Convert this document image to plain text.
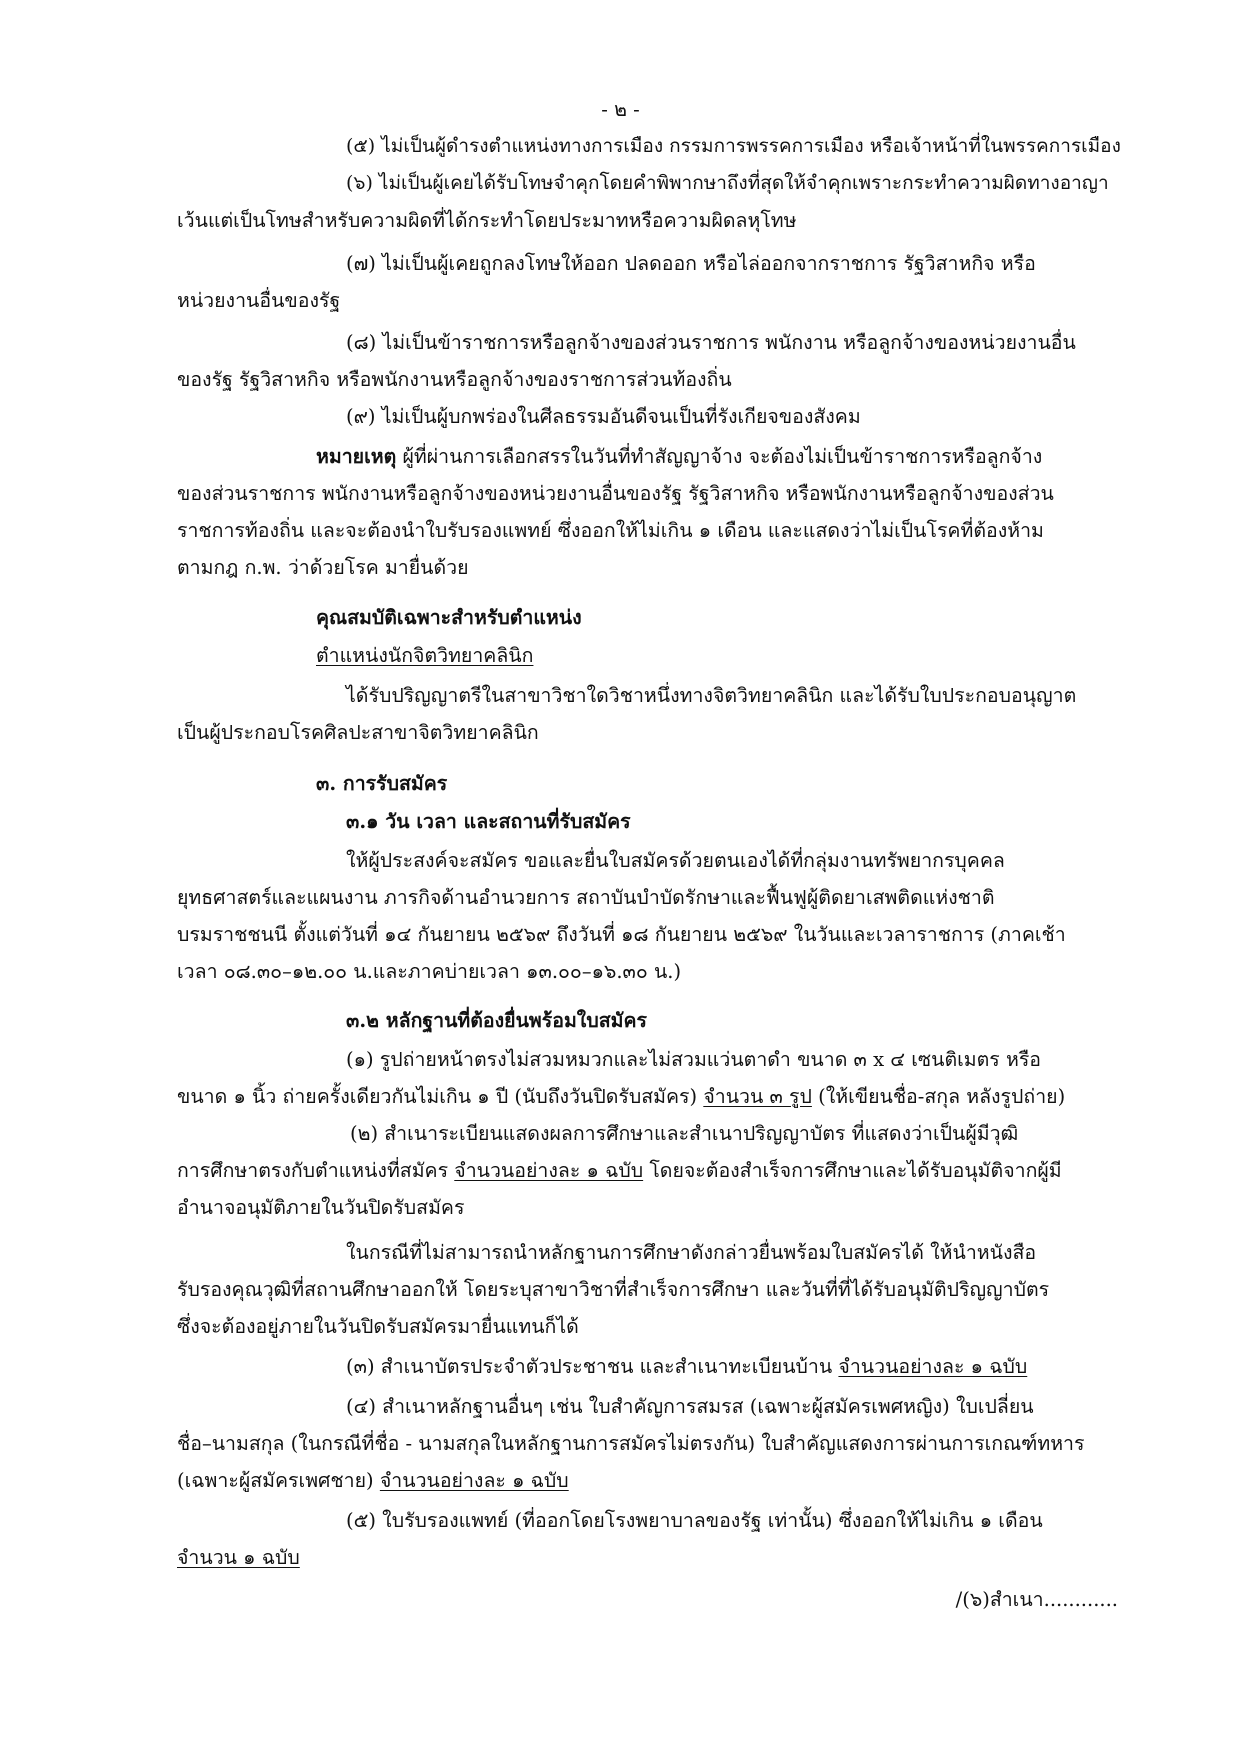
- ๒ -
(๕) ไม่เป็นผู้ดำรงตำแหน่งทางการเมือง กรรมการพรรคการเมือง หรือเจ้าหน้าที่ในพรรคการเมือง
(๖) ไม่เป็นผู้เคยได้รับโทษจำคุกโดยคำพิพากษาถึงที่สุดให้จำคุกเพราะกระทำความผิดทางอาญา
เว้นแต่เป็นโทษสำหรับความผิดที่ได้กระทำโดยประมาทหรือความผิดลหุโทษ
(๗) ไม่เป็นผู้เคยถูกลงโทษให้ออก ปลดออก หรือไล่ออกจากราชการ รัฐวิสาหกิจ หรือ
หน่วยงานอื่นของรัฐ
(๘) ไม่เป็นข้าราชการหรือลูกจ้างของส่วนราชการ พนักงาน หรือลูกจ้างของหน่วยงานอื่น
ของรัฐ รัฐวิสาหกิจ หรือพนักงานหรือลูกจ้างของราชการส่วนท้องถิ่น
(๙) ไม่เป็นผู้บกพร่องในศีลธรรมอันดีจนเป็นที่รังเกียจของสังคม
หมายเหตุ ผู้ที่ผ่านการเลือกสรรในวันที่ทำสัญญาจ้าง จะต้องไม่เป็นข้าราชการหรือลูกจ้าง
ของส่วนราชการ พนักงานหรือลูกจ้างของหน่วยงานอื่นของรัฐ รัฐวิสาหกิจ หรือพนักงานหรือลูกจ้างของส่วน
ราชการท้องถิ่น และจะต้องนำใบรับรองแพทย์ ซึ่งออกให้ไม่เกิน ๑ เดือน และแสดงว่าไม่เป็นโรคที่ต้องห้าม
ตามกฎ ก.พ. ว่าด้วยโรค มายื่นด้วย
คุณสมบัติเฉพาะสำหรับตำแหน่ง
ตำแหน่งนักจิตวิทยาคลินิก
ได้รับปริญญาตรีในสาขาวิชาใดวิชาหนึ่งทางจิตวิทยาคลินิก และได้รับใบประกอบอนุญาต
เป็นผู้ประกอบโรคศิลปะสาขาจิตวิทยาคลินิก
๓. การรับสมัคร
๓.๑ วัน เวลา และสถานที่รับสมัคร
ให้ผู้ประสงค์จะสมัคร ขอและยื่นใบสมัครด้วยตนเองได้ที่กลุ่มงานทรัพยากรบุคคล
ยุทธศาสตร์และแผนงาน ภารกิจด้านอำนวยการ สถาบันบำบัดรักษาและฟื้นฟูผู้ติดยาเสพติดแห่งชาติ
บรมราชชนนี ตั้งแต่วันที่ ๑๔ กันยายน ๒๕๖๙ ถึงวันที่ ๑๘ กันยายน ๒๕๖๙ ในวันและเวลาราชการ (ภาคเช้า
เวลา ๐๘.๓๐–๑๒.๐๐ น.และภาคบ่ายเวลา ๑๓.๐๐–๑๖.๓๐ น.)
๓.๒ หลักฐานที่ต้องยื่นพร้อมใบสมัคร
(๑) รูปถ่ายหน้าตรงไม่สวมหมวกและไม่สวมแว่นตาดำ ขนาด ๓ x ๔ เซนติเมตร หรือ
ขนาด ๑ นิ้ว ถ่ายครั้งเดียวกันไม่เกิน ๑ ปี (นับถึงวันปิดรับสมัคร) จำนวน ๓ รูป (ให้เขียนชื่อ-สกุล หลังรูปถ่าย)
(๒) สำเนาระเบียนแสดงผลการศึกษาและสำเนาปริญญาบัตร ที่แสดงว่าเป็นผู้มีวุฒิ
การศึกษาตรงกับตำแหน่งที่สมัคร จำนวนอย่างละ ๑ ฉบับ โดยจะต้องสำเร็จการศึกษาและได้รับอนุมัติจากผู้มี
อำนาจอนุมัติภายในวันปิดรับสมัคร
ในกรณีที่ไม่สามารถนำหลักฐานการศึกษาดังกล่าวยื่นพร้อมใบสมัครได้ ให้นำหนังสือ
รับรองคุณวุฒิที่สถานศึกษาออกให้ โดยระบุสาขาวิชาที่สำเร็จการศึกษา และวันที่ที่ได้รับอนุมัติปริญญาบัตร
ซึ่งจะต้องอยู่ภายในวันปิดรับสมัครมายื่นแทนก็ได้
(๓) สำเนาบัตรประจำตัวประชาชน และสำเนาทะเบียนบ้าน จำนวนอย่างละ ๑ ฉบับ
(๔) สำเนาหลักฐานอื่นๆ เช่น ใบสำคัญการสมรส (เฉพาะผู้สมัครเพศหญิง) ใบเปลี่ยน
ชื่อ–นามสกุล (ในกรณีที่ชื่อ - นามสกุลในหลักฐานการสมัครไม่ตรงกัน) ใบสำคัญแสดงการผ่านการเกณฑ์ทหาร
(เฉพาะผู้สมัครเพศชาย) จำนวนอย่างละ ๑ ฉบับ
(๕) ใบรับรองแพทย์ (ที่ออกโดยโรงพยาบาลของรัฐ เท่านั้น) ซึ่งออกให้ไม่เกิน ๑ เดือน
จำนวน ๑ ฉบับ
/(๖)สำเนา............
